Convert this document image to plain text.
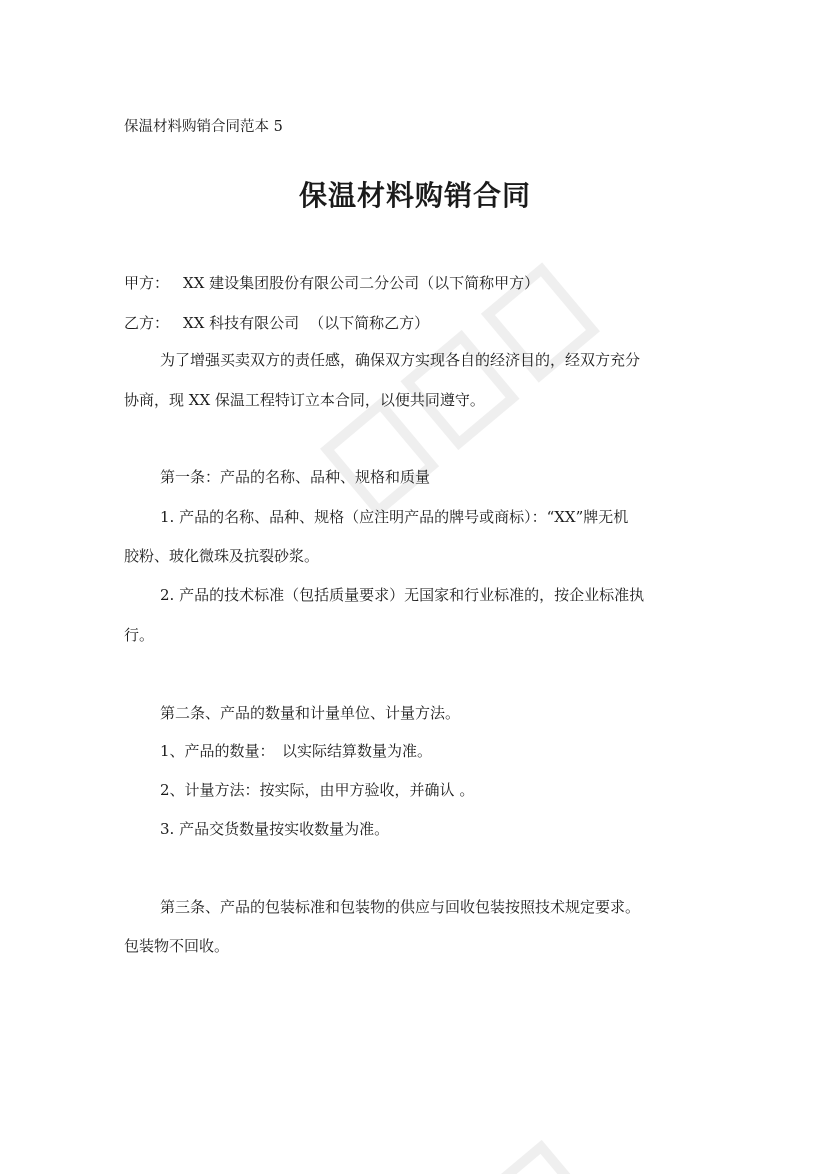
保温材料购销合同范本 5
保温材料购销合同
甲方： XX 建设集团股份有限公司二分公司（以下简称甲方）
乙方： XX 科技有限公司 （以下简称乙方）
为了增强买卖双方的责任感，确保双方实现各自的经济目的，经双方充分
协商，现 XX 保温工程特订立本合同，以便共同遵守。
第一条：产品的名称、品种、规格和质量
1. 产品的名称、品种、规格（应注明产品的牌号或商标）：“XX”牌无机
胶粉、玻化微珠及抗裂砂浆。
2. 产品的技术标准（包括质量要求）无国家和行业标准的，按企业标准执
行。
第二条、产品的数量和计量单位、计量方法。
1、产品的数量：　以实际结算数量为准。
2、计量方法：按实际，由甲方验收，并确认 。
3. 产品交货数量按实收数量为准。
第三条、产品的包装标准和包装物的供应与回收包装按照技术规定要求。
包装物不回收。
